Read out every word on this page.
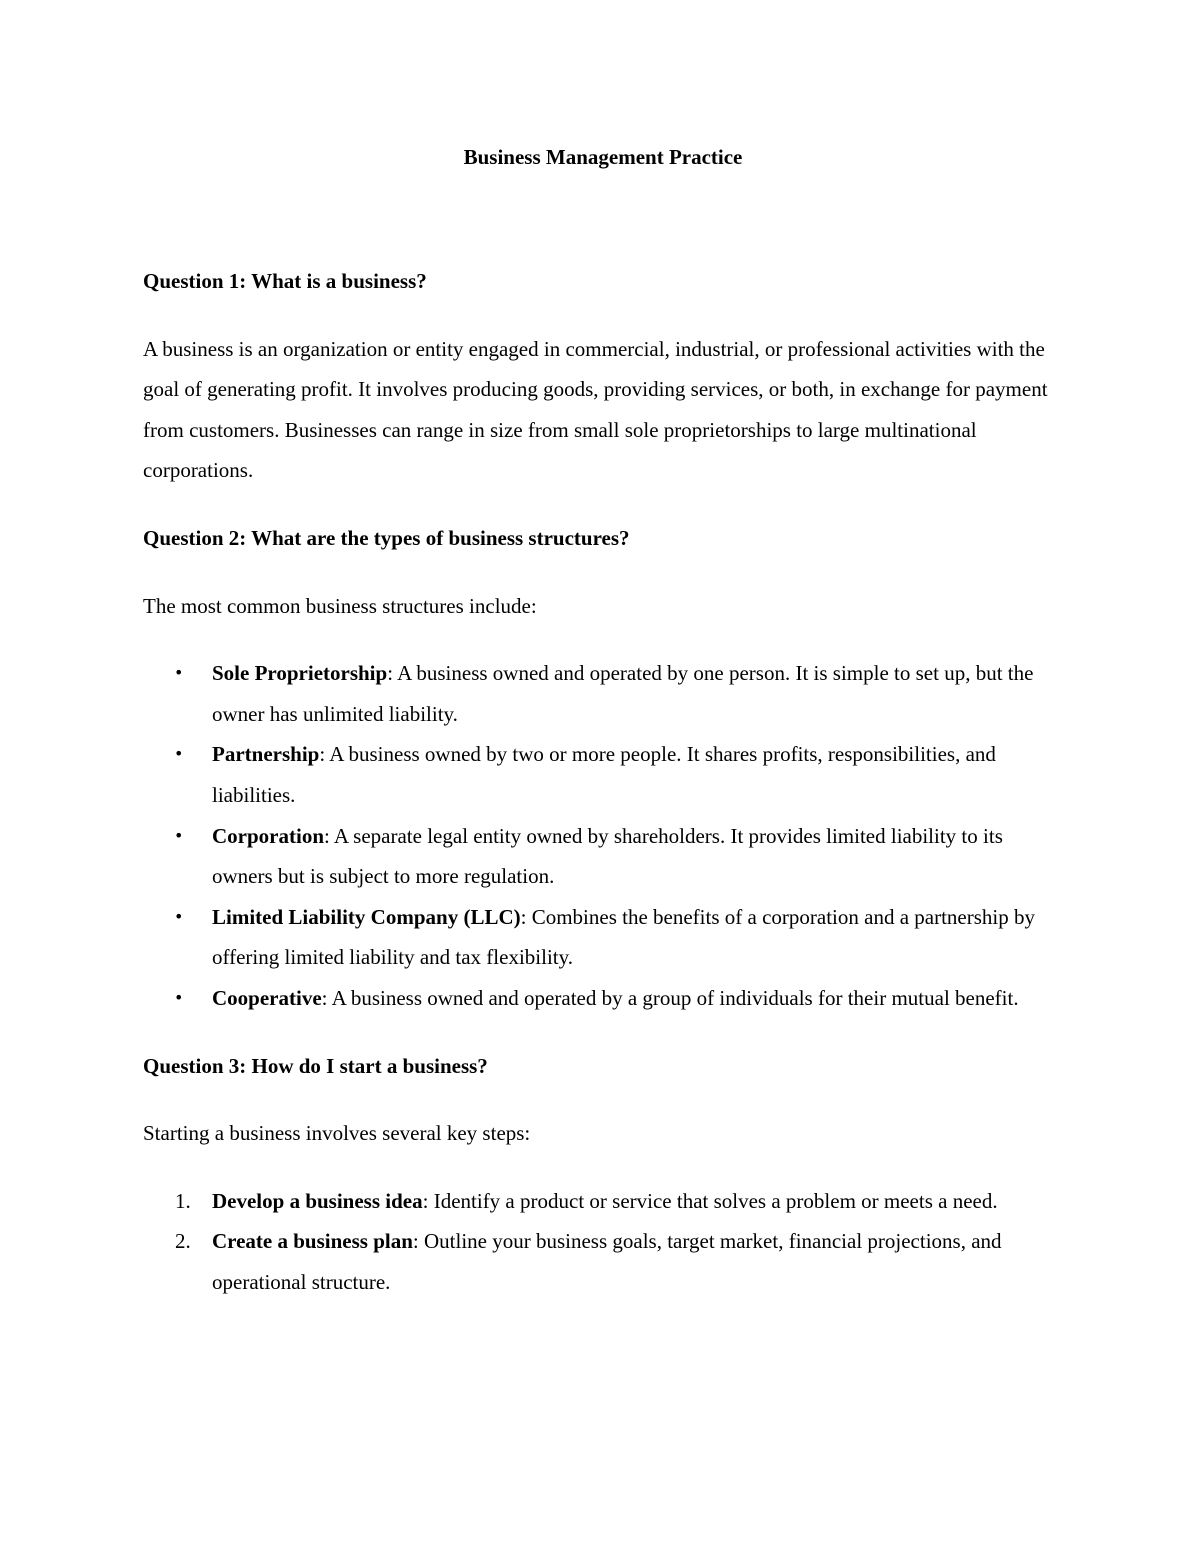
Business Management Practice

Question 1: What is a business?

A business is an organization or entity engaged in commercial, industrial, or professional activities with the goal of generating profit. It involves producing goods, providing services, or both, in exchange for payment from customers. Businesses can range in size from small sole proprietorships to large multinational corporations.

Question 2: What are the types of business structures?

The most common business structures include:

• Sole Proprietorship: A business owned and operated by one person. It is simple to set up, but the owner has unlimited liability.
• Partnership: A business owned by two or more people. It shares profits, responsibilities, and liabilities.
• Corporation: A separate legal entity owned by shareholders. It provides limited liability to its owners but is subject to more regulation.
• Limited Liability Company (LLC): Combines the benefits of a corporation and a partnership by offering limited liability and tax flexibility.
• Cooperative: A business owned and operated by a group of individuals for their mutual benefit.

Question 3: How do I start a business?

Starting a business involves several key steps:

1. Develop a business idea: Identify a product or service that solves a problem or meets a need.
2. Create a business plan: Outline your business goals, target market, financial projections, and operational structure.
